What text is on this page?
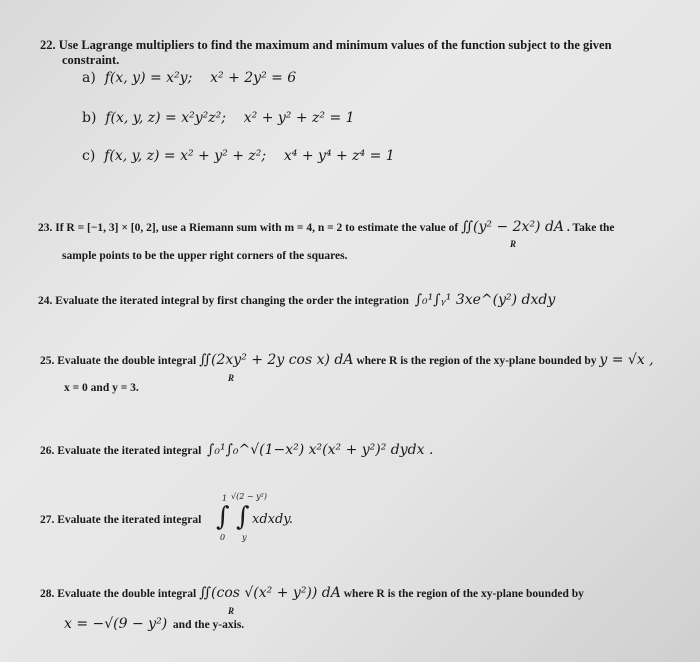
22. Use Lagrange multipliers to find the maximum and minimum values of the function subject to the given
constraint.
a) f(x, y) = x²y; x² + 2y² = 6
b) f(x, y, z) = x²y²z²; x² + y² + z² = 1
c) f(x, y, z) = x² + y² + z²; x⁴ + y⁴ + z⁴ = 1
23. If R = [−1, 3] × [0, 2], use a Riemann sum with m = 4, n = 2 to estimate the value of ∬(y² − 2x²) dA . Take the
R
sample points to be the upper right corners of the squares.
24. Evaluate the iterated integral by first changing the order the integration ∫₀¹∫ᵧ¹ 3xe^(y²) dxdy
25. Evaluate the double integral ∬(2xy² + 2y cos x) dA where R is the region of the xy-plane bounded by y = √x ,
R
x = 0 and y = 3.
26. Evaluate the iterated integral ∫₀¹∫₀^√(1−x²) x²(x² + y²)² dydx .
27. Evaluate the iterated integral ∫ ∫
1 √(2 − y²)
0 y
xdxdy.
28. Evaluate the double integral ∬(cos √(x² + y²)) dA where R is the region of the xy-plane bounded by
R
x = −√(9 − y²) and the y-axis.
